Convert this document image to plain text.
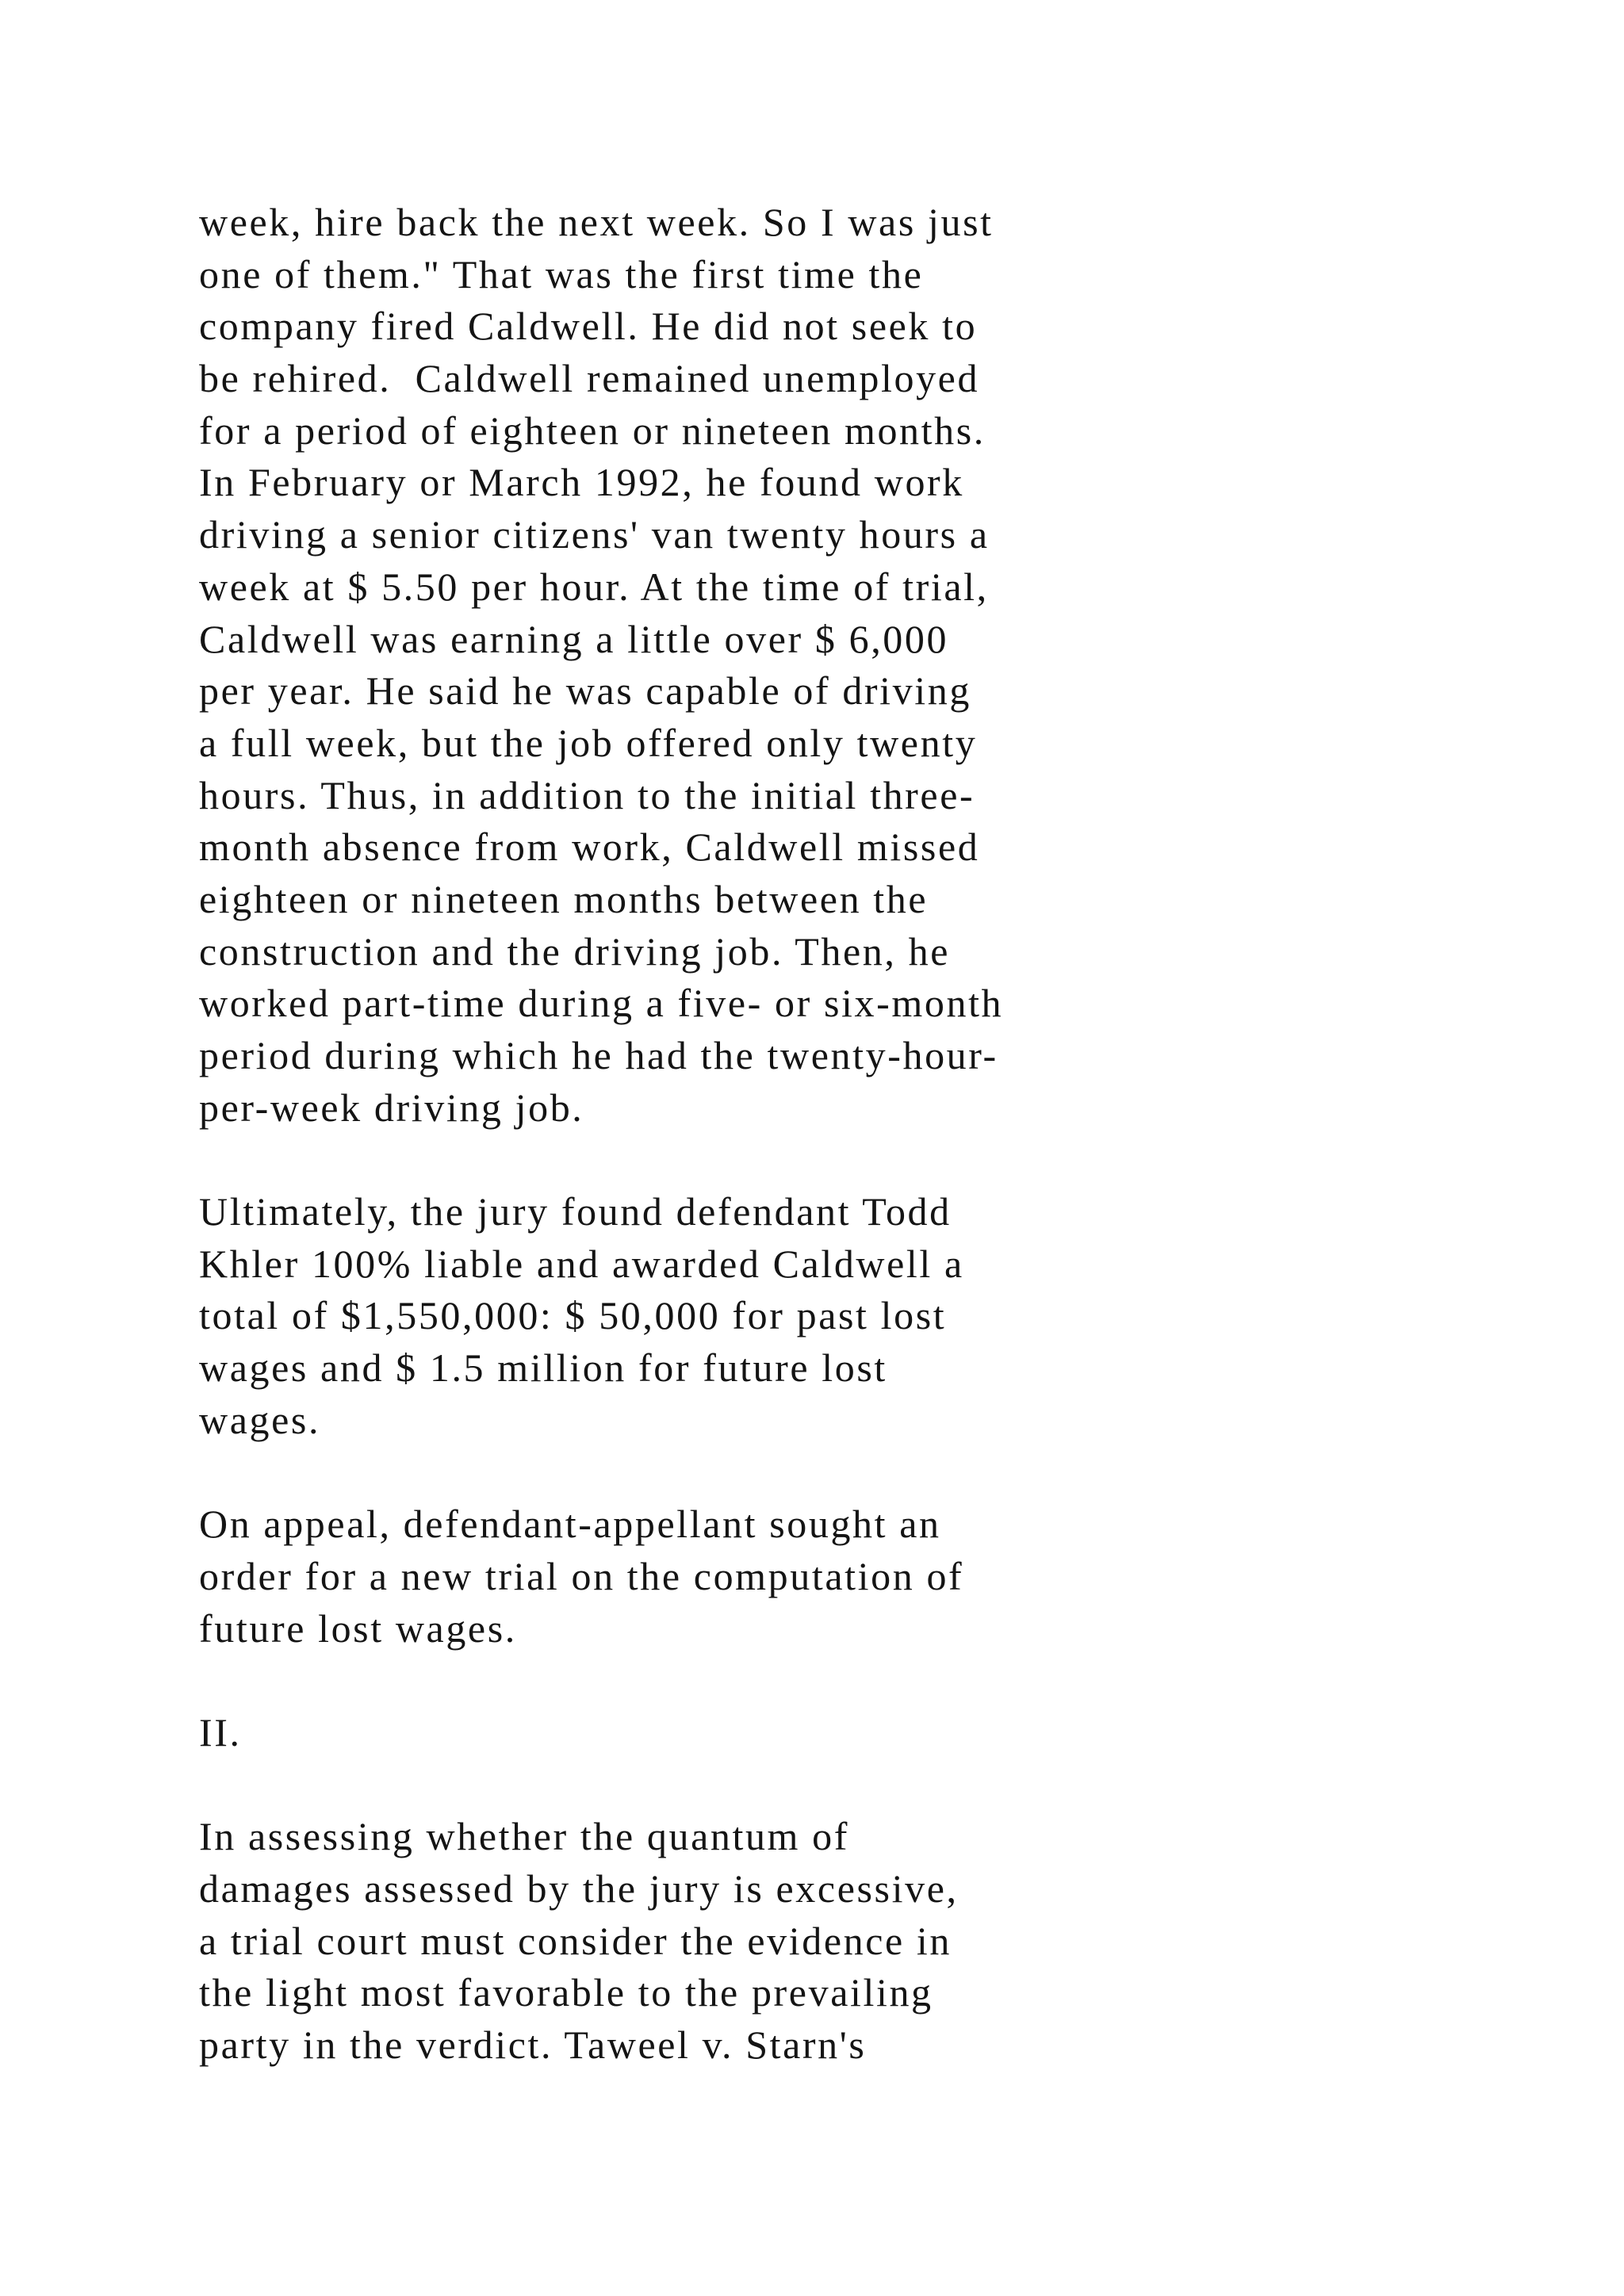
week, hire back the next week. So I was just
one of them." That was the first time the
company fired Caldwell. He did not seek to
be rehired.  Caldwell remained unemployed
for a period of eighteen or nineteen months.
In February or March 1992, he found work
driving a senior citizens' van twenty hours a
week at $ 5.50 per hour. At the time of trial,
Caldwell was earning a little over $ 6,000
per year. He said he was capable of driving
a full week, but the job offered only twenty
hours. Thus, in addition to the initial three-
month absence from work, Caldwell missed
eighteen or nineteen months between the
construction and the driving job. Then, he
worked part-time during a five- or six-month
period during which he had the twenty-hour-
per-week driving job.
Ultimately, the jury found defendant Todd
Khler 100% liable and awarded Caldwell a
total of $1,550,000: $ 50,000 for past lost
wages and $ 1.5 million for future lost
wages.
On appeal, defendant-appellant sought an
order for a new trial on the computation of
future lost wages.
II.
In assessing whether the quantum of
damages assessed by the jury is excessive,
a trial court must consider the evidence in
the light most favorable to the prevailing
party in the verdict. Taweel v. Starn's
